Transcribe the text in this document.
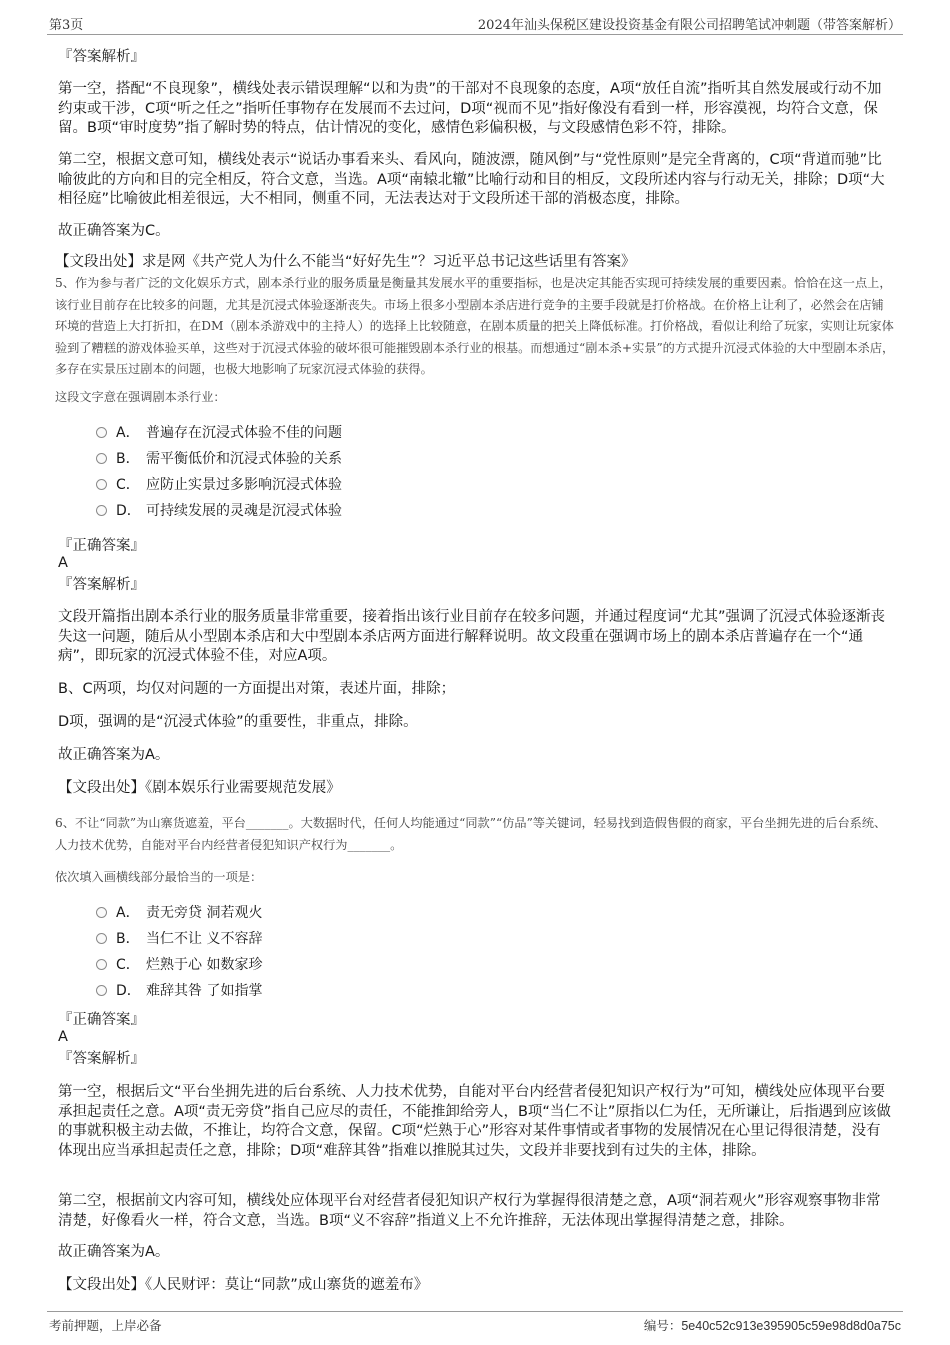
第3页	2024年汕头保税区建设投资基金有限公司招聘笔试冲刺题（带答案解析）
『答案解析』

第一空，搭配“不良现象”，横线处表示错误理解“以和为贵”的干部对不良现象的态度，A项“放任自流”指听其自然发展或行动不加约束或干涉，C项“听之任之”指听任事物存在发展而不去过问，D项“视而不见”指好像没有看到一样，形容漠视，均符合文意，保留。B项“审时度势”指了解时势的特点，估计情况的变化，感情色彩偏积极，与文段感情色彩不符，排除。

第二空，根据文意可知，横线处表示“说话办事看来头、看风向，随波漂，随风倒”与“党性原则”是完全背离的，C项“背道而驰”比喻彼此的方向和目的完全相反，符合文意，当选。A项“南辕北辙”比喻行动和目的相反，文段所述内容与行动无关，排除；D项“大相径庭”比喻彼此相差很远，大不相同，侧重不同，无法表达对于文段所述干部的消极态度，排除。

故正确答案为C。

【文段出处】求是网《共产党人为什么不能当“好好先生”？习近平总书记这些话里有答案》

5、作为参与者广泛的文化娱乐方式，剧本杀行业的服务质量是衡量其发展水平的重要指标，也是决定其能否实现可持续发展的重要因素。恰恰在这一点上，该行业目前存在比较多的问题，尤其是沉浸式体验逐渐丧失。市场上很多小型剧本杀店进行竞争的主要手段就是打价格战。在价格上让利了，必然会在店铺环境的营造上大打折扣，在DM（剧本杀游戏中的主持人）的选择上比较随意，在剧本质量的把关上降低标准。打价格战，看似让利给了玩家，实则让玩家体验到了糟糕的游戏体验买单，这些对于沉浸式体验的破坏很可能摧毁剧本杀行业的根基。而想通过“剧本杀+实景”的方式提升沉浸式体验的大中型剧本杀店，多存在实景压过剧本的问题，也极大地影响了玩家沉浸式体验的获得。

这段文字意在强调剧本杀行业：

A． 普遍存在沉浸式体验不佳的问题
B． 需平衡低价和沉浸式体验的关系
C． 应防止实景过多影响沉浸式体验
D． 可持续发展的灵魂是沉浸式体验
『正确答案』
A
『答案解析』

文段开篇指出剧本杀行业的服务质量非常重要，接着指出该行业目前存在较多问题，并通过程度词“尤其”强调了沉浸式体验逐渐丧失这一问题，随后从小型剧本杀店和大中型剧本杀店两方面进行解释说明。故文段重在强调市场上的剧本杀店普遍存在一个“通病”，即玩家的沉浸式体验不佳，对应A项。

B、C两项，均仅对问题的一方面提出对策，表述片面，排除；

D项，强调的是“沉浸式体验”的重要性，非重点，排除。

故正确答案为A。

【文段出处】《剧本娱乐行业需要规范发展》

6、不让“同款”为山寨货遮羞，平台_______。大数据时代，任何人均能通过“同款”“仿品”等关键词，轻易找到造假售假的商家，平台坐拥先进的后台系统、人力技术优势，自能对平台内经营者侵犯知识产权行为_______。

依次填入画横线部分最恰当的一项是：

A． 责无旁贷 洞若观火
B． 当仁不让 义不容辞
C． 烂熟于心 如数家珍
D． 难辞其咎 了如指掌
『正确答案』
A
『答案解析』

第一空，根据后文“平台坐拥先进的后台系统、人力技术优势，自能对平台内经营者侵犯知识产权行为”可知，横线处应体现平台要承担起责任之意。A项“责无旁贷”指自己应尽的责任，不能推卸给旁人，B项“当仁不让”原指以仁为任，无所谦让，后指遇到应该做的事就积极主动去做，不推让，均符合文意，保留。C项“烂熟于心”形容对某件事情或者事物的发展情况在心里记得很清楚，没有体现出应当承担起责任之意，排除；D项“难辞其咎”指难以推脱其过失，文段并非要找到有过失的主体，排除。

第二空，根据前文内容可知，横线处应体现平台对经营者侵犯知识产权行为掌握得很清楚之意，A项“洞若观火”形容观察事物非常清楚，好像看火一样，符合文意，当选。B项“义不容辞”指道义上不允许推辞，无法体现出掌握得清楚之意，排除。

故正确答案为A。

【文段出处】《人民财评：莫让“同款”成山寨货的遮羞布》

考前押题，上岸必备	编号：5e40c52c913e395905c59e98d8d0a75c
